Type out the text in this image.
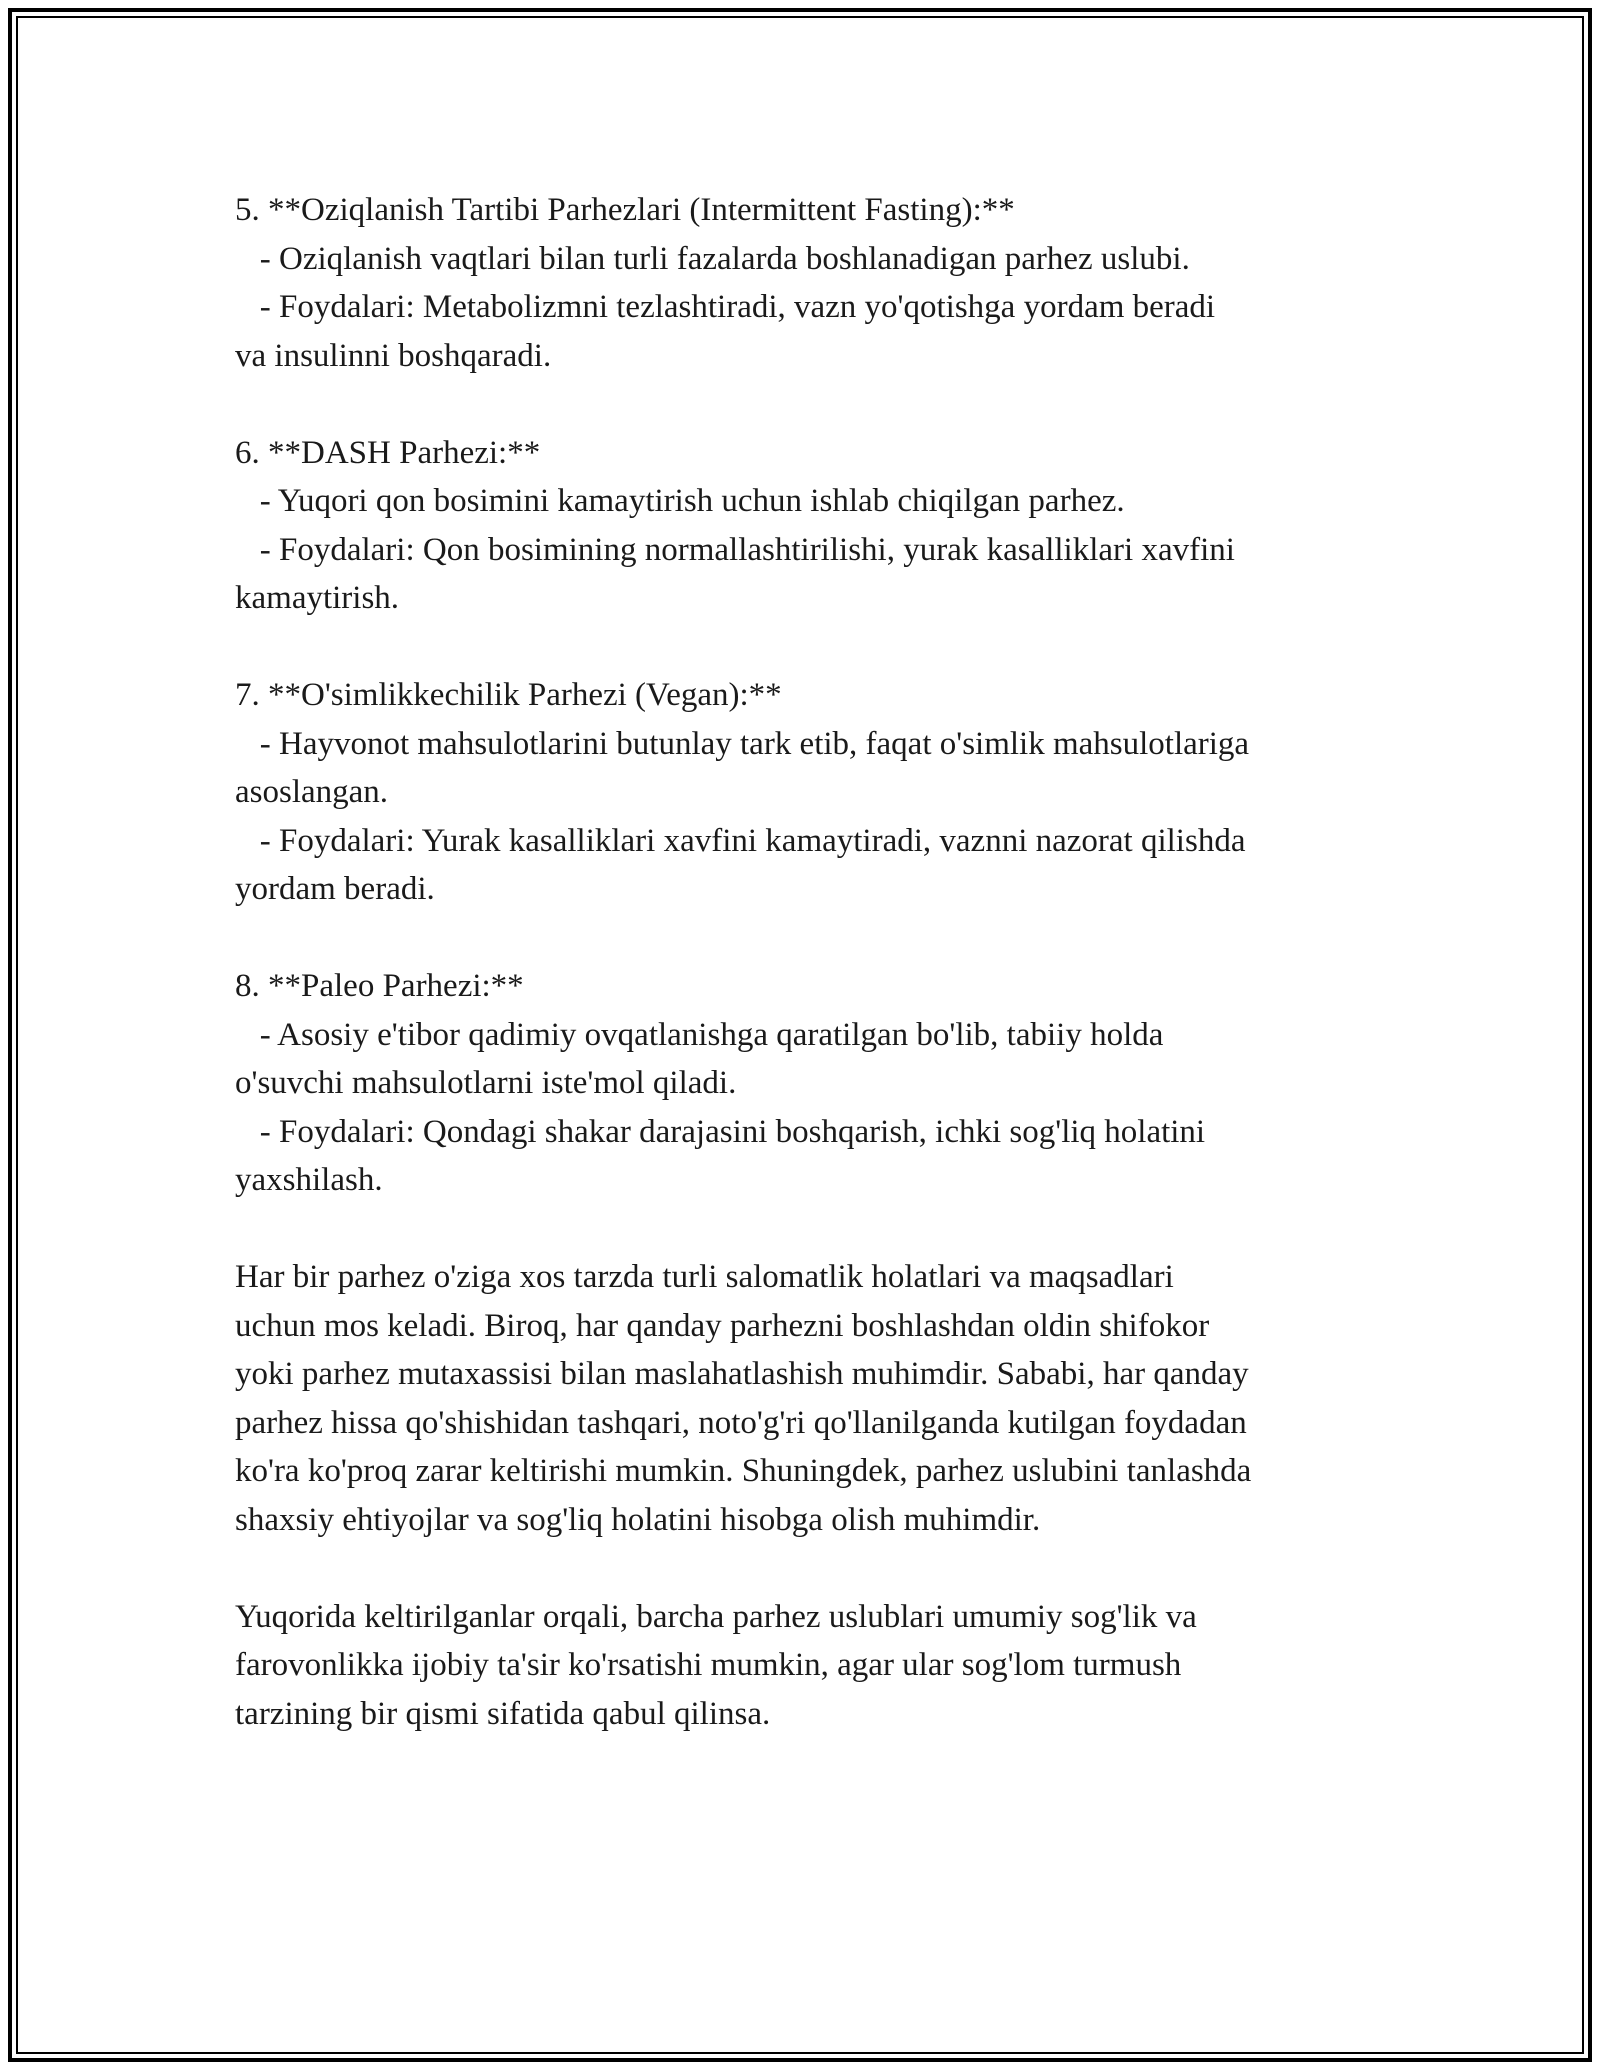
5. **Oziqlanish Tartibi Parhezlari (Intermittent Fasting):**
- Oziqlanish vaqtlari bilan turli fazalarda boshlanadigan parhez uslubi.
- Foydalari: Metabolizmni tezlashtiradi, vazn yo'qotishga yordam beradi
va insulinni boshqaradi.
6. **DASH Parhezi:**
- Yuqori qon bosimini kamaytirish uchun ishlab chiqilgan parhez.
- Foydalari: Qon bosimining normallashtirilishi, yurak kasalliklari xavfini
kamaytirish.
7. **O'simlikkechilik Parhezi (Vegan):**
- Hayvonot mahsulotlarini butunlay tark etib, faqat o'simlik mahsulotlariga
asoslangan.
- Foydalari: Yurak kasalliklari xavfini kamaytiradi, vaznni nazorat qilishda
yordam beradi.
8. **Paleo Parhezi:**
- Asosiy e'tibor qadimiy ovqatlanishga qaratilgan bo'lib, tabiiy holda
o'suvchi mahsulotlarni iste'mol qiladi.
- Foydalari: Qondagi shakar darajasini boshqarish, ichki sog'liq holatini
yaxshilash.
Har bir parhez o'ziga xos tarzda turli salomatlik holatlari va maqsadlari
uchun mos keladi. Biroq, har qanday parhezni boshlashdan oldin shifokor
yoki parhez mutaxassisi bilan maslahatlashish muhimdir. Sababi, har qanday
parhez hissa qo'shishidan tashqari, noto'g'ri qo'llanilganda kutilgan foydadan
ko'ra ko'proq zarar keltirishi mumkin. Shuningdek, parhez uslubini tanlashda
shaxsiy ehtiyojlar va sog'liq holatini hisobga olish muhimdir.
Yuqorida keltirilganlar orqali, barcha parhez uslublari umumiy sog'lik va
farovonlikka ijobiy ta'sir ko'rsatishi mumkin, agar ular sog'lom turmush
tarzining bir qismi sifatida qabul qilinsa.
